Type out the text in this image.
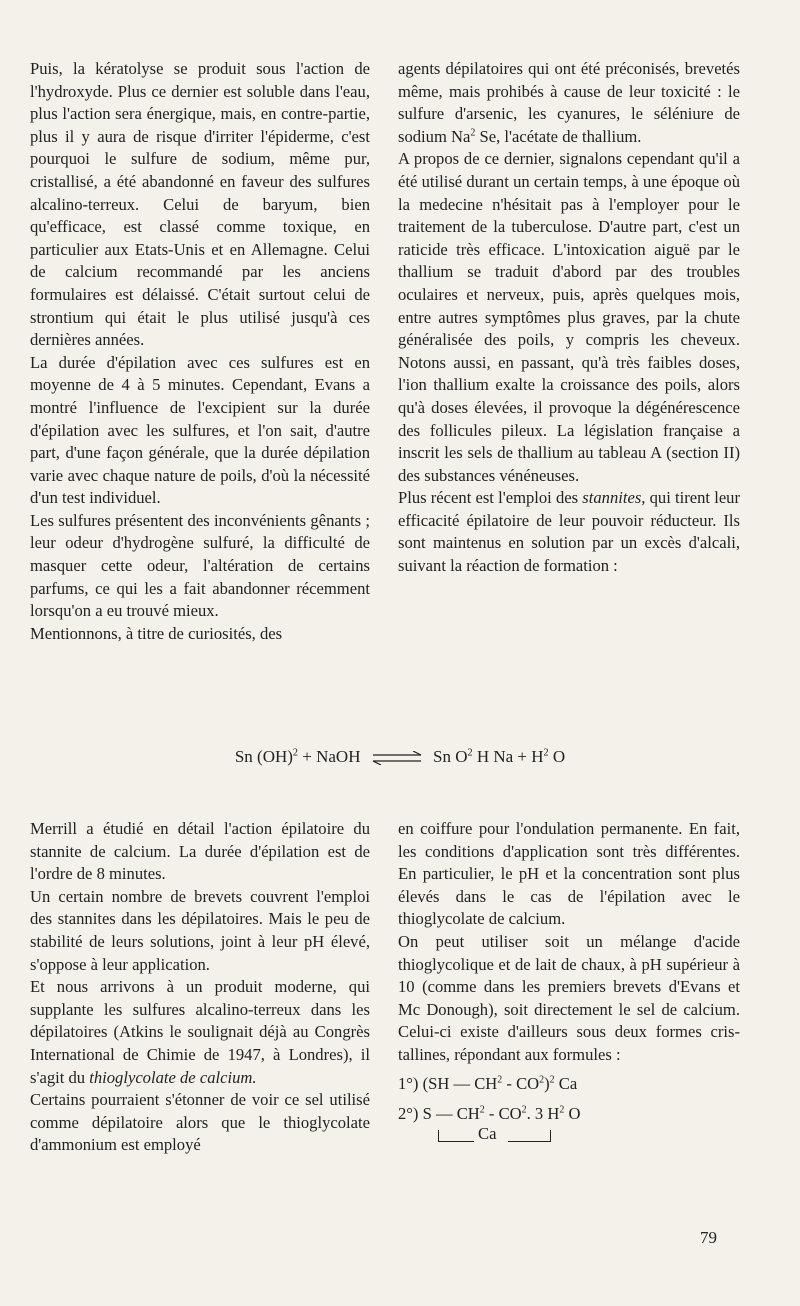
Puis, la kératolyse se produit sous l'action de l'hydroxyde. Plus ce dernier est soluble dans l'eau, plus l'action sera énergique, mais, en contre-partie, plus il y aura de risque d'irriter l'épiderme, c'est pourquoi le sulfure de sodium, même pur, cristallisé, a été abandonné en faveur des sulfures alcalino-terreux. Celui de baryum, bien qu'efficace, est classé comme toxique, en particulier aux Etats-Unis et en Allemagne. Celui de calcium recommandé par les anciens formulaires est délaissé. C'était surtout celui de strontium qui était le plus utilisé jusqu'à ces dernières années.

La durée d'épilation avec ces sulfures est en moyenne de 4 à 5 minutes. Cependant, Evans a montré l'influence de l'excipient sur la durée d'épilation avec les sulfures, et l'on sait, d'autre part, d'une façon générale, que la durée dépilation varie avec chaque nature de poils, d'où la nécessité d'un test individuel.

Les sulfures présentent des inconvénients gênants ; leur odeur d'hydrogène sulfuré, la difficulté de masquer cette odeur, l'altération de certains parfums, ce qui les a fait abandonner récemment lorsqu'on a eu trouvé mieux.

Mentionnons, à titre de curiosités, des

agents dépilatoires qui ont été préconisés, brevetés même, mais prohibés à cause de leur toxicité : le sulfure d'arsenic, les cyanures, le séléniure de sodium Na$^2$ Se, l'acétate de thallium.

A propos de ce dernier, signalons cependant qu'il a été utilisé durant un certain temps, à une époque où la medecine n'hésitait pas à l'employer pour le traitement de la tuberculose. D'autre part, c'est un raticide très efficace. L'intoxication aiguë par le thallium se traduit d'abord par des troubles oculaires et nerveux, puis, après quelques mois, entre autres symptômes plus graves, par la chute généralisée des poils, y compris les cheveux. Notons aussi, en passant, qu'à très faibles doses, l'ion thallium exalte la croissance des poils, alors qu'à doses élevées, il provoque la dégénérescence des follicules pileux. La législation française a inscrit les sels de thallium au tableau A (section II) des substances vénéneuses.

Plus récent est l'emploi des stannites, qui tirent leur efficacité épilatoire de leur pouvoir réducteur. Ils sont maintenus en solution par un excès d'alcali, suivant la réaction de formation :

Sn (OH)$^2$ + NaOH ⇌ Sn $O^2$ H $Na + H^2$ O

Merrill a étudié en détail l'action épilatoire du stannite de calcium. La durée d'épilation est de l'ordre de 8 minutes.

Un certain nombre de brevets couvrent l'emploi des stannites dans les dépilatoires. Mais le peu de stabilité de leurs solutions, joint à leur pH élevé, s'oppose à leur application.

Et nous arrivons à un produit moderne, qui supplante les sulfures alcalino-terreux dans les dépilatoires (Atkins le soulignait déjà au Congrès International de Chimie de 1947, à Londres), il s'agit du thioglycolate de calcium.

Certains pourraient s'étonner de voir ce sel utilisé comme dépilatoire alors que le thioglycolate d'ammonium est employé

en coiffure pour l'ondulation permanente. En fait, les conditions d'application sont très différentes. En particulier, le pH et la concentration sont plus élevés dans le cas de l'épilation avec le thioglycolate de calcium.

On peut utiliser soit un mélange d'acide thioglycolique et de lait de chaux, à pH supérieur à 10 (comme dans les premiers brevets d'Evans et Mc Donough), soit directement le sel de calcium. Celui-ci existe d'ailleurs sous deux formes cristallines, répondant aux formules :

1°) (SH — $CH^2 - CO^2)^2$ Ca
2°) S — $CH^2 - CO^2$. 3 $H^2$ O
Ca

79
